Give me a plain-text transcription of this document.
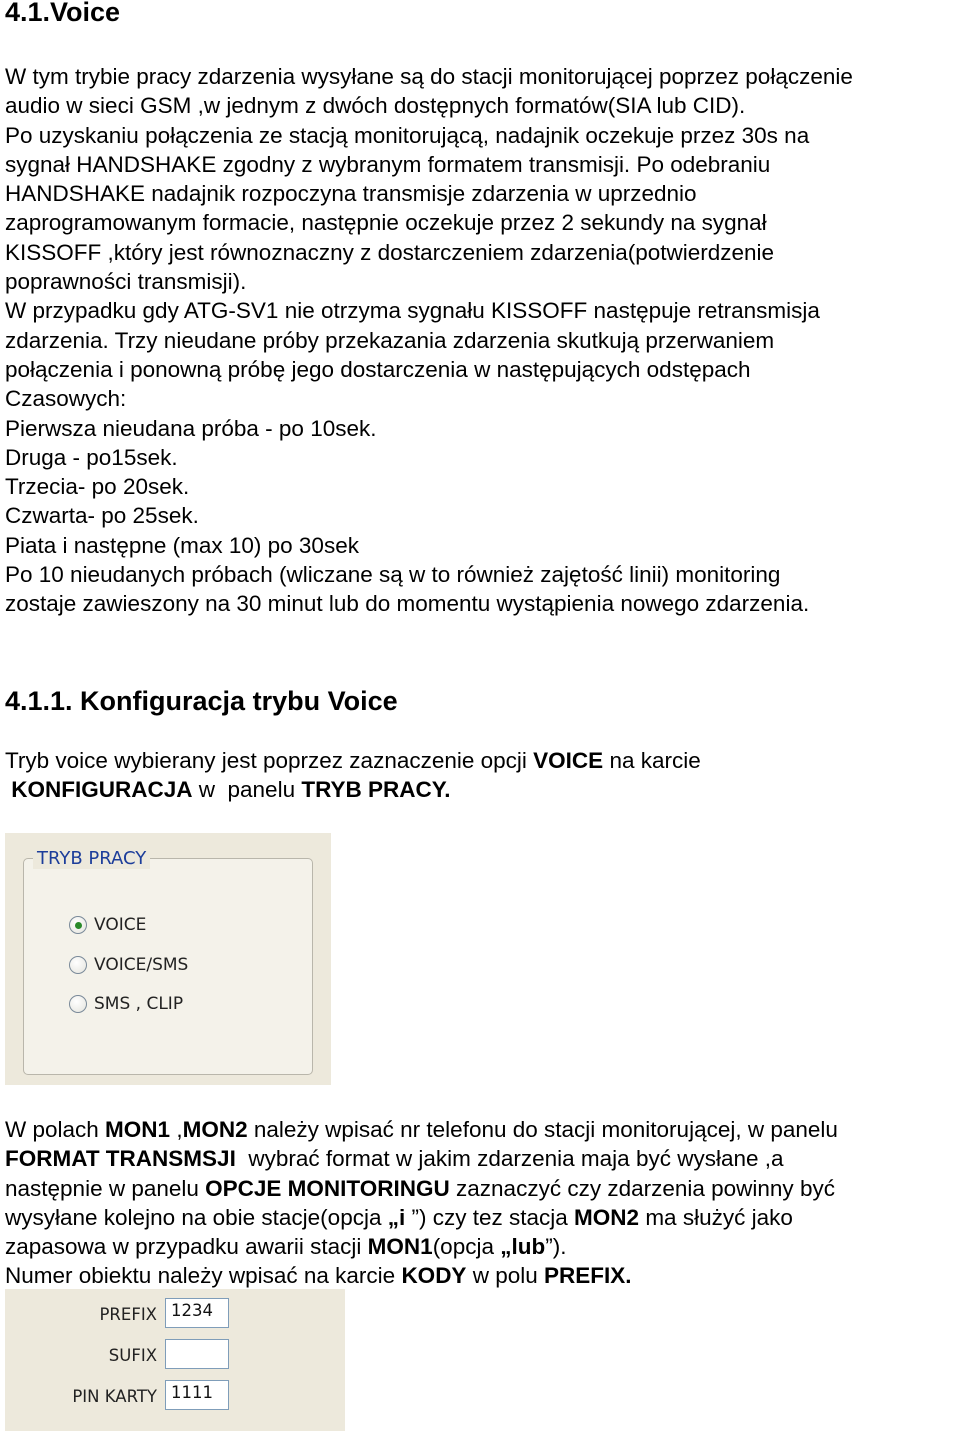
4.1.Voice
W tym trybie pracy zdarzenia wysyłane są do stacji monitorującej poprzez połączenie
audio w sieci GSM ,w jednym z dwóch dostępnych formatów(SIA lub CID).
Po uzyskaniu połączenia ze stacją monitorującą, nadajnik oczekuje przez 30s na
sygnał HANDSHAKE zgodny z wybranym formatem transmisji. Po odebraniu
HANDSHAKE nadajnik rozpoczyna transmisje zdarzenia w uprzednio
zaprogramowanym formacie, następnie oczekuje przez 2 sekundy na sygnał
KISSOFF ,który jest równoznaczny z dostarczeniem zdarzenia(potwierdzenie
poprawności transmisji).
W przypadku gdy ATG-SV1 nie otrzyma sygnału KISSOFF następuje retransmisja
zdarzenia. Trzy nieudane próby przekazania zdarzenia skutkują przerwaniem
połączenia i ponowną próbę jego dostarczenia w następujących odstępach
Czasowych:
Pierwsza nieudana próba - po 10sek.
Druga - po15sek.
Trzecia- po 20sek.
Czwarta- po 25sek.
Piata i następne (max 10) po 30sek
Po 10 nieudanych próbach (wliczane są w to również zajętość linii) monitoring
zostaje zawieszony na 30 minut lub do momentu wystąpienia nowego zdarzenia.
4.1.1. Konfiguracja trybu Voice
Tryb voice wybierany jest poprzez zaznaczenie opcji VOICE na karcie
KONFIGURACJA w  panelu TRYB PRACY.
TRYB PRACY
VOICE
VOICE/SMS
SMS , CLIP
W polach MON1 ,MON2 należy wpisać nr telefonu do stacji monitorującej, w panelu
FORMAT TRANSMSJI  wybrać format w jakim zdarzenia maja być wysłane ,a
następnie w panelu OPCJE MONITORINGU zaznaczyć czy zdarzenia powinny być
wysyłane kolejno na obie stacje(opcja „i ”) czy tez stacja MON2 ma służyć jako
zapasowa w przypadku awarii stacji MON1(opcja „lub”).
Numer obiektu należy wpisać na karcie KODY w polu PREFIX.
PREFIX 1234
SUFIX
PIN KARTY 1111
